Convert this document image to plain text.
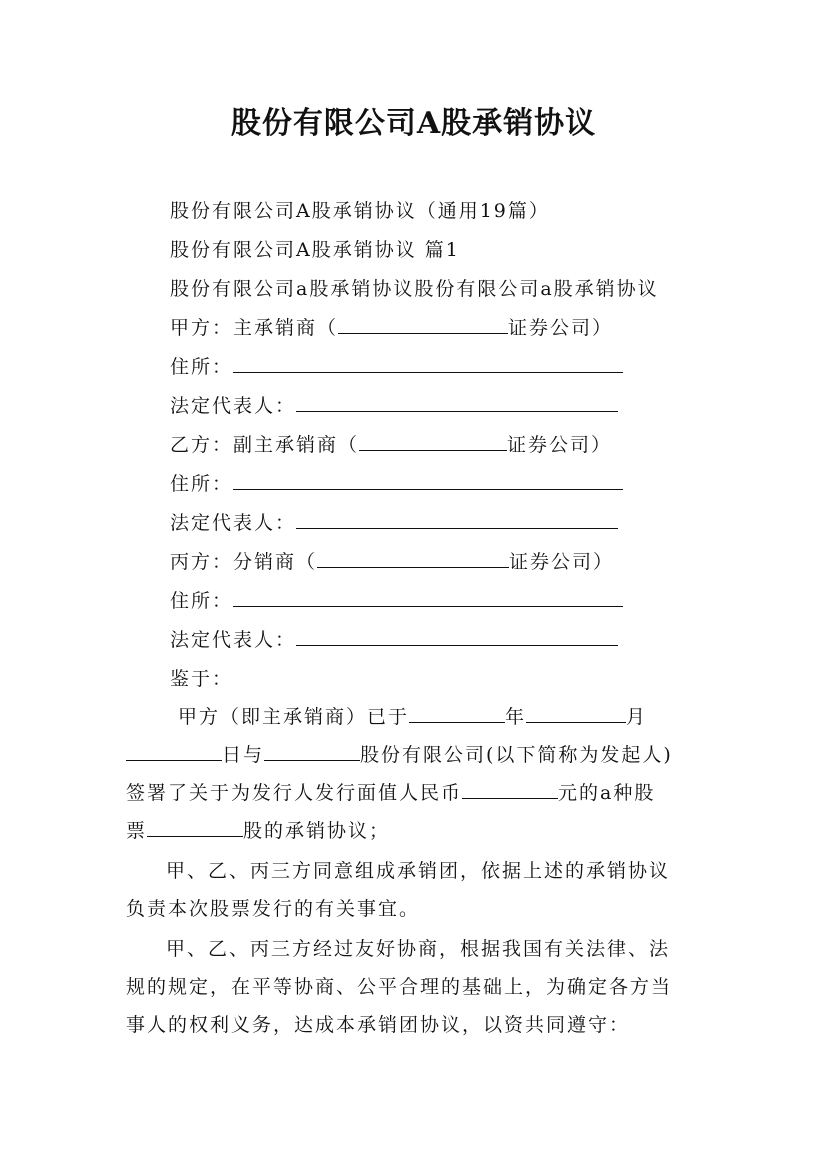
股份有限公司A股承销协议
股份有限公司A股承销协议（通用19篇）
股份有限公司A股承销协议 篇1
股份有限公司a股承销协议股份有限公司a股承销协议
甲方：主承销商（	证券公司）
住所：
法定代表人：
乙方：副主承销商（	证券公司）
住所：
法定代表人：
丙方：分销商（	证券公司）
住所：
法定代表人：
鉴于：
甲方（即主承销商）已于	年	月
日与	股份有限公司(以下简称为发起人)
签署了关于为发行人发行面值人民币	元的a种股
票	股的承销协议；
甲、乙、丙三方同意组成承销团，依据上述的承销协议
负责本次股票发行的有关事宜。
甲、乙、丙三方经过友好协商，根据我国有关法律、法
规的规定，在平等协商、公平合理的基础上，为确定各方当
事人的权利义务，达成本承销团协议，以资共同遵守：
